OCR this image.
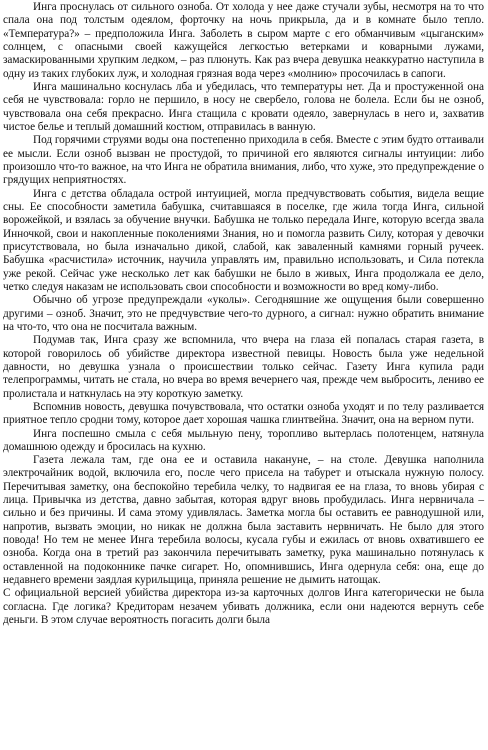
Инга проснулась от сильного озноба. От холода у нее даже стучали зубы, несмотря на то что спала она под толстым одеялом, форточку на ночь прикрыла, да и в комнате было тепло. «Температура?» – предположила Инга. Заболеть в сыром марте с его обманчивым «цыганским» солнцем, с опасными своей кажущейся легкостью ветерками и коварными лужами, замаскированными хрупким ледком, – раз плюнуть. Как раз вчера девушка неаккуратно наступила в одну из таких глубоких луж, и холодная грязная вода через «молнию» просочилась в сапоги.

Инга машинально коснулась лба и убедилась, что температуры нет. Да и простуженной она себя не чувствовала: горло не першило, в носу не свербело, голова не болела. Если бы не озноб, чувствовала она себя прекрасно. Инга стащила с кровати одеяло, завернулась в него и, захватив чистое белье и теплый домашний костюм, отправилась в ванную.

Под горячими струями воды она постепенно приходила в себя. Вместе с этим будто оттаивали ее мысли. Если озноб вызван не простудой, то причиной его являются сигналы интуиции: либо произошло что-то важное, на что Инга не обратила внимания, либо, что хуже, это предупреждение о грядущих неприятностях.

Инга с детства обладала острой интуицией, могла предчувствовать события, видела вещие сны. Ее способности заметила бабушка, считавшаяся в поселке, где жила тогда Инга, сильной ворожейкой, и взялась за обучение внучки. Бабушка не только передала Инге, которую всегда звала Инночкой, свои и накопленные поколениями Знания, но и помогла развить Силу, которая у девочки присутствовала, но была изначально дикой, слабой, как заваленный камнями горный ручеек. Бабушка «расчистила» источник, научила управлять им, правильно использовать, и Сила потекла уже рекой. Сейчас уже несколько лет как бабушки не было в живых, Инга продолжала ее дело, четко следуя наказам не использовать свои способности и возможности во вред кому-либо.

Обычно об угрозе предупреждали «уколы». Сегодняшние же ощущения были совершенно другими – озноб. Значит, это не предчувствие чего-то дурного, а сигнал: нужно обратить внимание на что-то, что она не посчитала важным.

Подумав так, Инга сразу же вспомнила, что вчера на глаза ей попалась старая газета, в которой говорилось об убийстве директора известной певицы. Новость была уже недельной давности, но девушка узнала о происшествии только сейчас. Газету Инга купила ради телепрограммы, читать не стала, но вчера во время вечернего чая, прежде чем выбросить, лениво ее пролистала и наткнулась на эту короткую заметку.

Вспомнив новость, девушка почувствовала, что остатки озноба уходят и по телу разливается приятное тепло сродни тому, которое дает хорошая чашка глинтвейна. Значит, она на верном пути.

Инга поспешно смыла с себя мыльную пену, торопливо вытерлась полотенцем, натянула домашнюю одежду и бросилась на кухню.

Газета лежала там, где она ее и оставила накануне, – на столе. Девушка наполнила электрочайник водой, включила его, после чего присела на табурет и отыскала нужную полосу. Перечитывая заметку, она беспокойно теребила челку, то надвигая ее на глаза, то вновь убирая с лица. Привычка из детства, давно забытая, которая вдруг вновь пробудилась. Инга нервничала – сильно и без причины. И сама этому удивлялась. Заметка могла бы оставить ее равнодушной или, напротив, вызвать эмоции, но никак не должна была заставить нервничать. Не было для этого повода! Но тем не менее Инга теребила волосы, кусала губы и ежилась от вновь охватившего ее озноба. Когда она в третий раз закончила перечитывать заметку, рука машинально потянулась к оставленной на подоконнике пачке сигарет. Но, опомнившись, Инга одернула себя: она, еще до недавнего времени заядлая курильщица, приняла решение не дымить натощак.

С официальной версией убийства директора из-за карточных долгов Инга категорически не была согласна. Где логика? Кредиторам незачем убивать должника, если они надеются вернуть себе деньги. В этом случае вероятность погасить долги была
